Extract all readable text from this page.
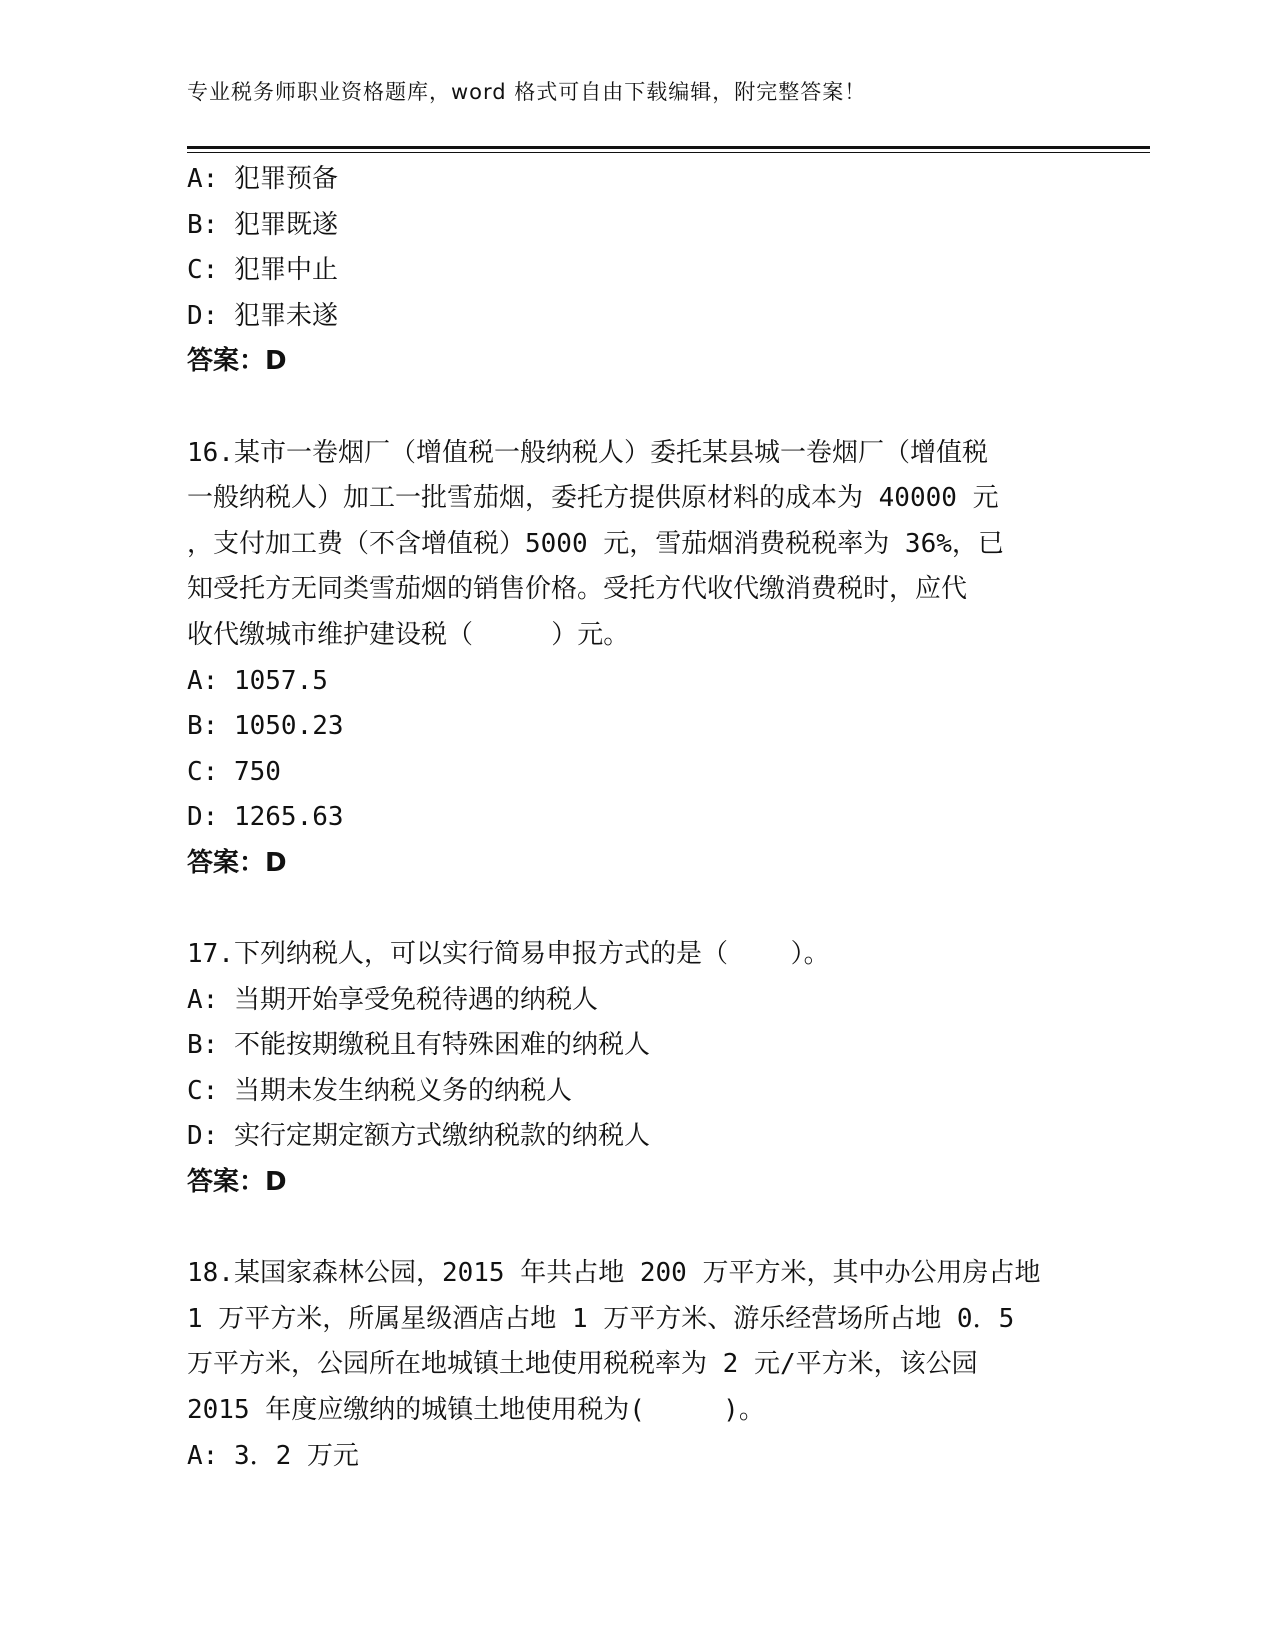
专业税务师职业资格题库，word 格式可自由下载编辑，附完整答案！
A: 犯罪预备
B: 犯罪既遂
C: 犯罪中止
D: 犯罪未遂
答案：D
16.某市一卷烟厂（增值税一般纳税人）委托某县城一卷烟厂（增值税
一般纳税人）加工一批雪茄烟，委托方提供原材料的成本为 40000 元
，支付加工费（不含增值税）5000 元，雪茄烟消费税税率为 36%，已
知受托方无同类雪茄烟的销售价格。受托方代收代缴消费税时，应代
收代缴城市维护建设税（     ）元。
A: 1057.5
B: 1050.23
C: 750
D: 1265.63
答案：D
17.下列纳税人，可以实行简易申报方式的是（    ）。
A: 当期开始享受免税待遇的纳税人
B: 不能按期缴税且有特殊困难的纳税人
C: 当期未发生纳税义务的纳税人
D: 实行定期定额方式缴纳税款的纳税人
答案：D
18.某国家森林公园，2015 年共占地 200 万平方米，其中办公用房占地
1 万平方米，所属星级酒店占地 1 万平方米、游乐经营场所占地 0．5
万平方米，公园所在地城镇土地使用税税率为 2 元/平方米，该公园
2015 年度应缴纳的城镇土地使用税为(     )。
A: 3．2 万元
